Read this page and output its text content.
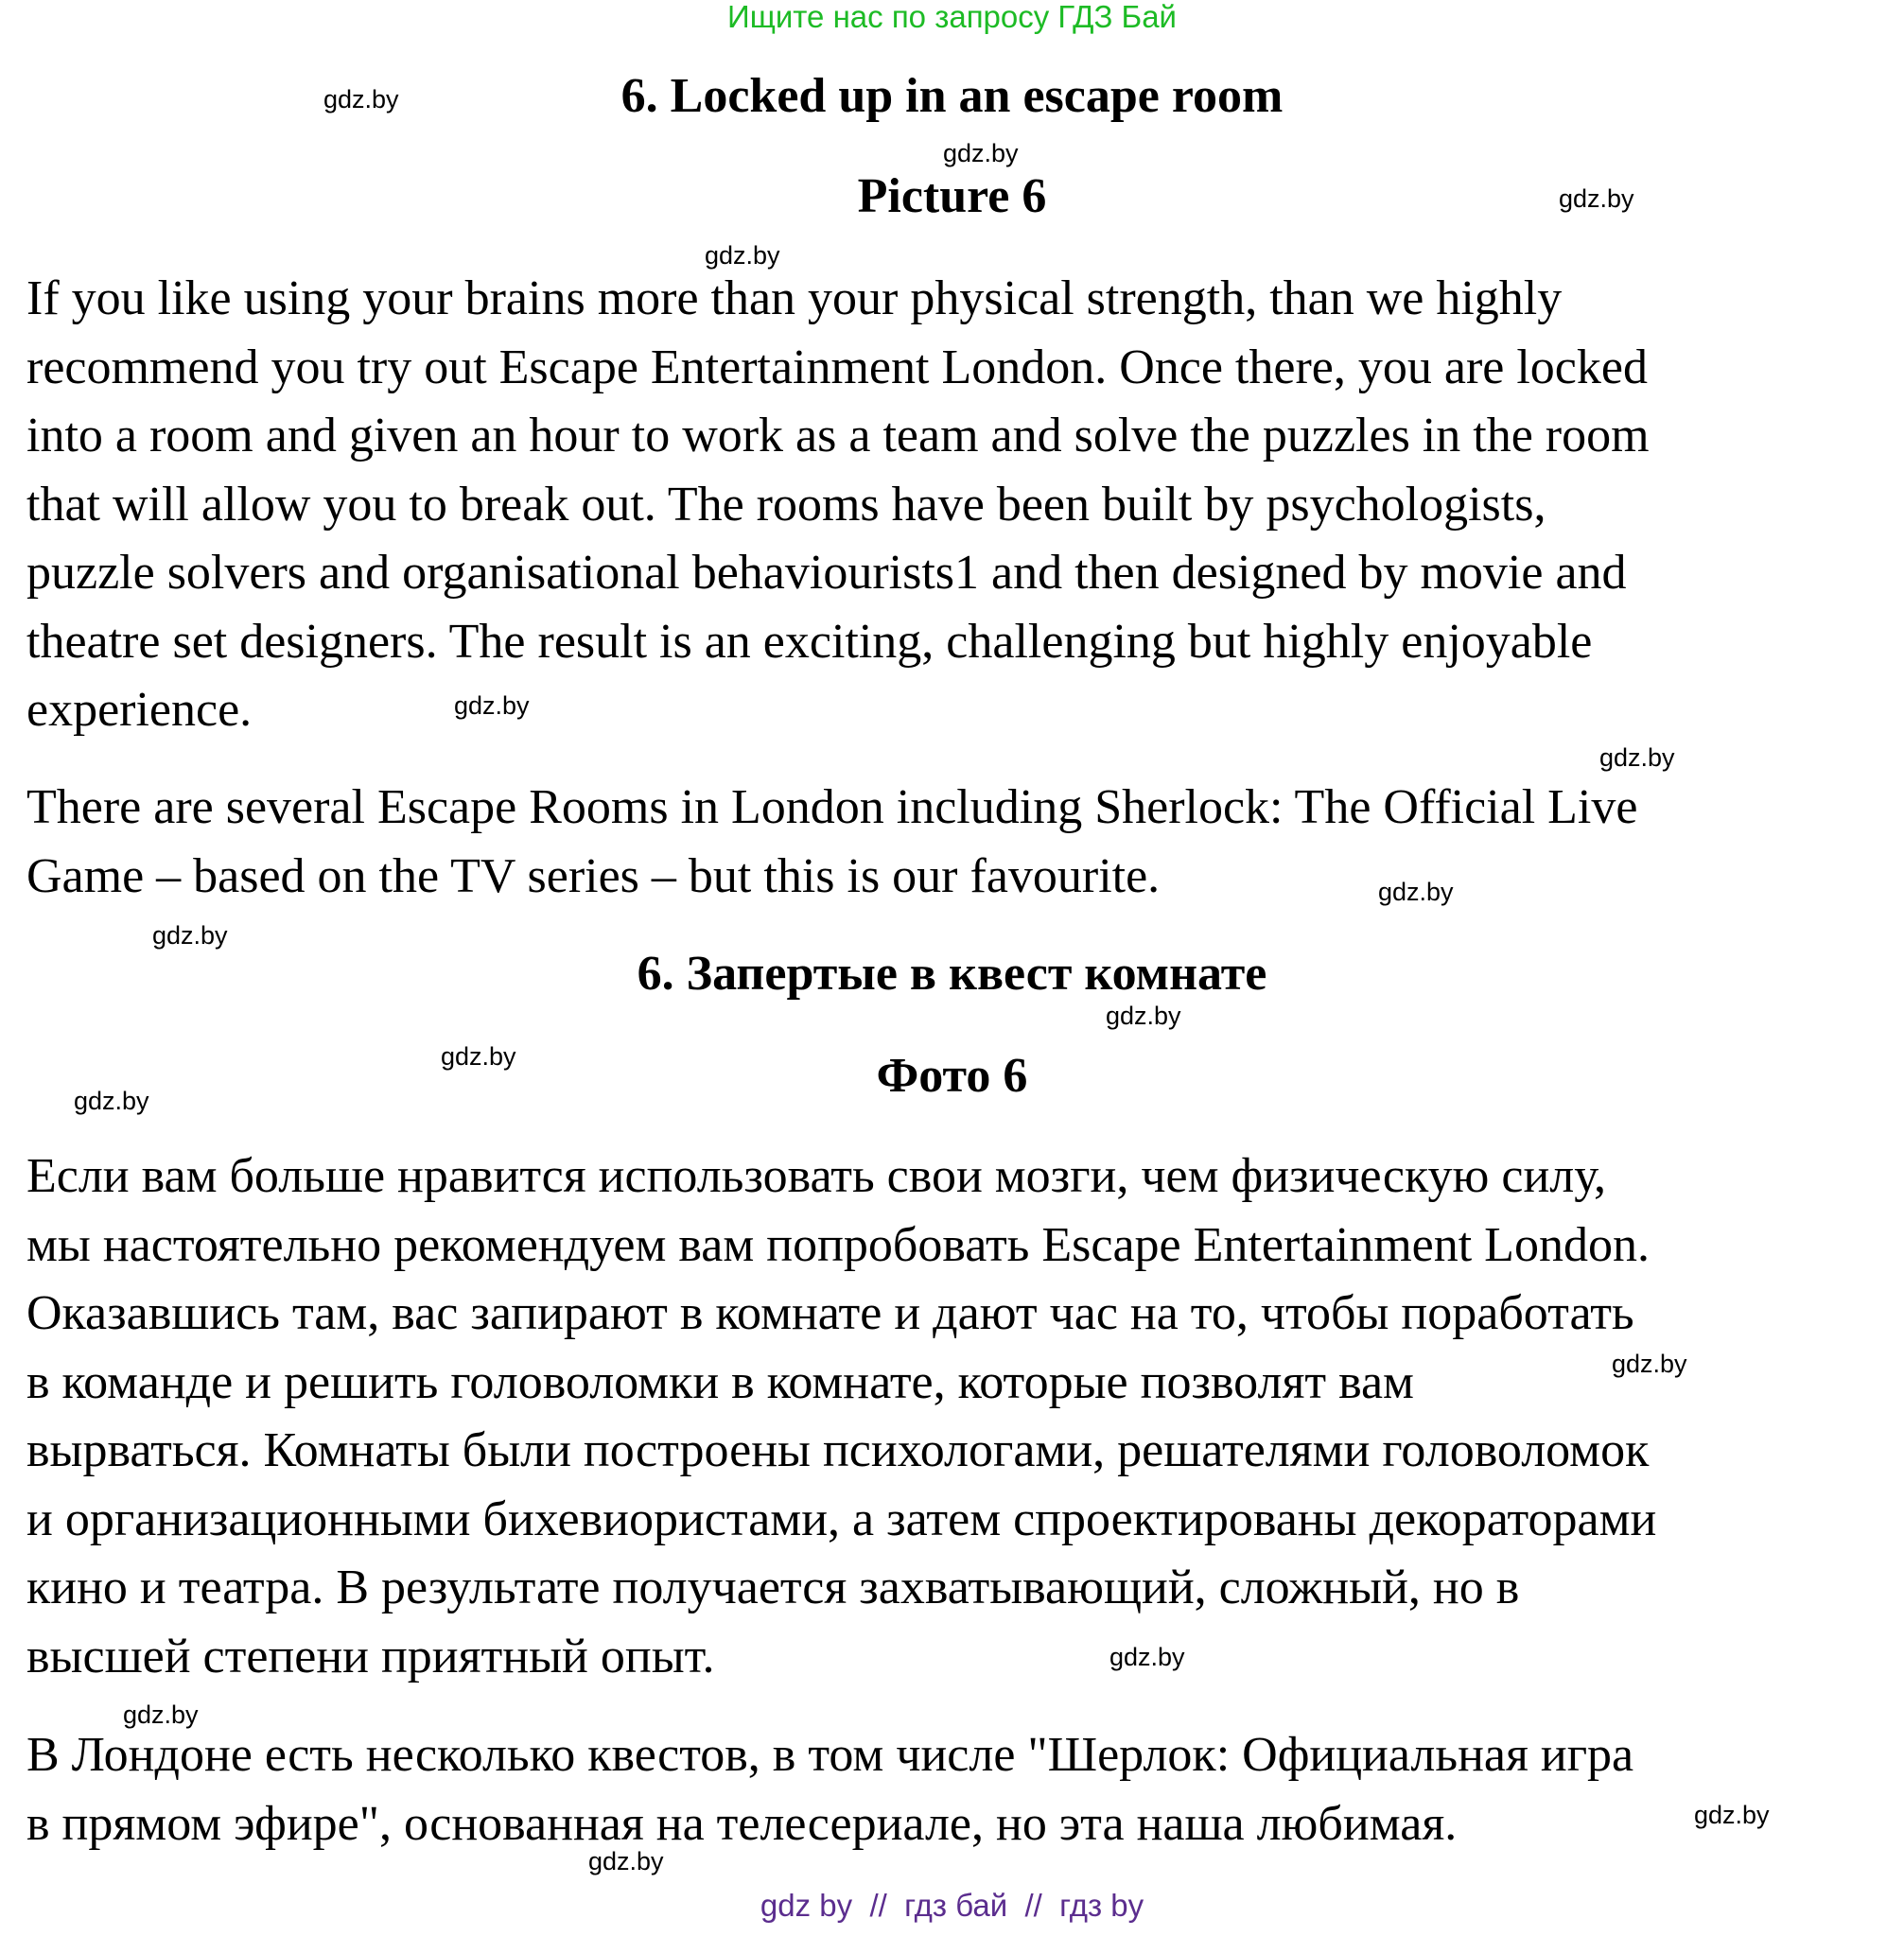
Ищите нас по запросу ГДЗ Бай
6. Locked up in an escape room
Picture 6
If you like using your brains more than your physical strength, than we highly
recommend you try out Escape Entertainment London. Once there, you are locked
into a room and given an hour to work as a team and solve the puzzles in the room
that will allow you to break out. The rooms have been built by psychologists,
puzzle solvers and organisational behaviourists1 and then designed by movie and
theatre set designers. The result is an exciting, challenging but highly enjoyable
experience.
There are several Escape Rooms in London including Sherlock: The Official Live
Game – based on the TV series – but this is our favourite.
6. Запертые в квест комнате
Фото 6
Если вам больше нравится использовать свои мозги, чем физическую силу,
мы настоятельно рекомендуем вам попробовать Escape Entertainment London.
Оказавшись там, вас запирают в комнате и дают час на то, чтобы поработать
в команде и решить головоломки в комнате, которые позволят вам
вырваться. Комнаты были построены психологами, решателями головоломок
и организационными бихевиористами, а затем спроектированы декораторами
кино и театра. В результате получается захватывающий, сложный, но в
высшей степени приятный опыт.
В Лондоне есть несколько квестов, в том числе "Шерлок: Официальная игра
в прямом эфире", основанная на телесериале, но эта наша любимая.
gdz.by
gdz.by
gdz.by
gdz.by
gdz.by
gdz.by
gdz.by
gdz.by
gdz.by
gdz.by
gdz.by
gdz.by
gdz.by
gdz.by
gdz.by
gdz.by
gdz by  //  гдз бай  //  гдз by
